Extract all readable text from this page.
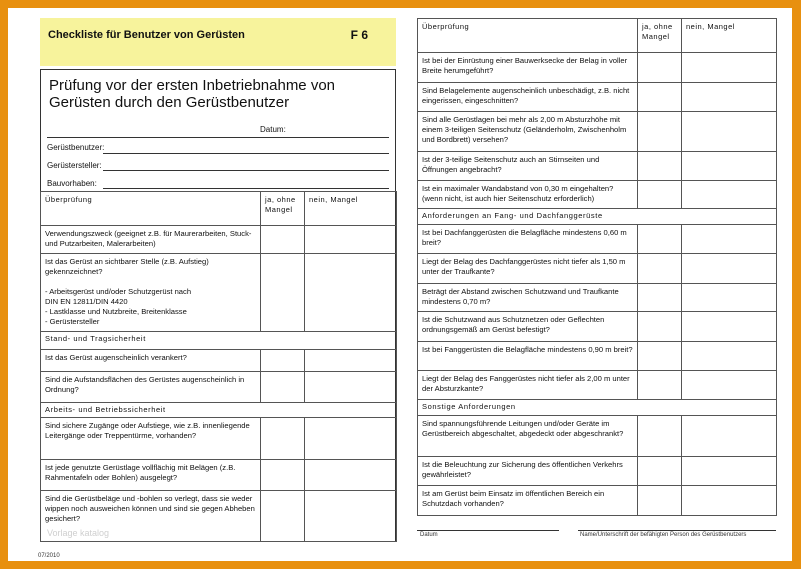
Checkliste für Benutzer von Gerüsten	F 6
Prüfung vor der ersten Inbetriebnahme von Gerüsten durch den Gerüstbenutzer
Datum:
Gerüstbenutzer:
Gerüstersteller:
Bauvorhaben:
Vorlage katalog
Überprüfung	ja, ohne Mangel	nein, Mangel
Verwendungszweck (geeignet z.B. für Maurerarbeiten, Stuck- und Putzarbeiten, Malerarbeiten)		
Ist das Gerüst an sichtbarer Stelle (z.B. Aufstieg) gekennzeichnet?

- Arbeitsgerüst und/oder Schutzgerüst nach
DIN EN 12811/DIN 4420
- Lastklasse und Nutzbreite, Breitenklasse
- Gerüstersteller		
Stand- und Tragsicherheit		
Ist das Gerüst augenscheinlich verankert?		
Sind die Aufstandsflächen des Gerüstes augenscheinlich in Ordnung?		
Arbeits- und Betriebssicherheit		
Sind sichere Zugänge oder Aufstiege, wie z.B. innenliegende Leitergänge oder Treppentürme, vorhanden?		
Ist jede genutzte Gerüstlage vollflächig mit Belägen (z.B. Rahmentafeln oder Bohlen) ausgelegt?		
Sind die Gerüstbeläge und -bohlen so verlegt, dass sie weder wippen noch ausweichen können und sind sie gegen Abheben gesichert?		
Überprüfung	ja, ohne Mangel	nein, Mangel
Ist bei der Einrüstung einer Bauwerksecke der Belag in voller Breite herumgeführt?		
Sind Belagelemente augenscheinlich unbeschädigt, z.B. nicht eingerissen, eingeschnitten?		
Sind alle Gerüstlagen bei mehr als 2,00 m Absturzhöhe mit einem 3-teiligen Seitenschutz (Geländerholm, Zwischenholm und Bordbrett) versehen?		
Ist der 3-teilige Seitenschutz auch an Stirnseiten und Öffnungen angebracht?		
Ist ein maximaler Wandabstand von 0,30 m eingehalten? (wenn nicht, ist auch hier Seitenschutz erforderlich)		
Anforderungen an Fang- und Dachfanggerüste		
Ist bei Dachfanggerüsten die Belagfläche mindestens 0,60 m breit?		
Liegt der Belag des Dachfanggerüstes nicht tiefer als 1,50 m unter der Traufkante?		
Beträgt der Abstand zwischen Schutzwand und Traufkante mindestens 0,70 m?		
Ist die Schutzwand aus Schutznetzen oder Geflechten ordnungsgemäß am Gerüst befestigt?		
Ist bei Fanggerüsten die Belagfläche mindestens 0,90 m breit?		
Liegt der Belag des Fanggerüstes nicht tiefer als 2,00 m unter der Absturzkante?		
Sonstige Anforderungen		
Sind spannungsführende Leitungen und/oder Geräte im Gerüstbereich abgeschaltet, abgedeckt oder abgeschrankt?		
Ist die Beleuchtung zur Sicherung des öffentlichen Verkehrs gewährleistet?		
Ist am Gerüst beim Einsatz im öffentlichen Bereich ein Schutzdach vorhanden?		
Datum	Name/Unterschrift der befähigten Person des Gerüstbenutzers
07/2010
